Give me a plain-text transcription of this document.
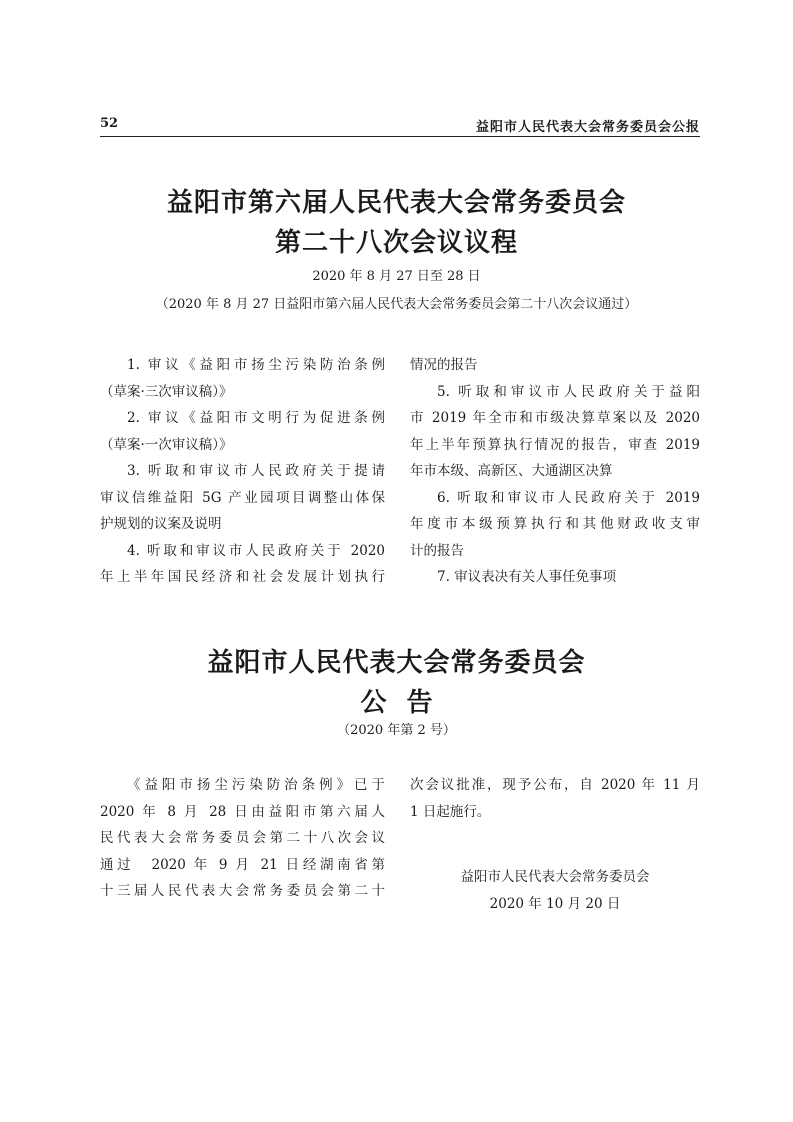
52	益阳市人民代表大会常务委员会公报
益阳市第六届人民代表大会常务委员会
第二十八次会议议程
2020 年 8 月 27 日至 28 日
（2020 年 8 月 27 日益阳市第六届人民代表大会常务委员会第二十八次会议通过）
1. 审议《益阳市扬尘污染防治条例
（草案·三次审议稿）》
2. 审议《益阳市文明行为促进条例
（草案·一次审议稿）》
3. 听取和审议市人民政府关于提请
审议信维益阳 5G 产业园项目调整山体保
护规划的议案及说明
4. 听取和审议市人民政府关于 2020
年上半年国民经济和社会发展计划执行
情况的报告
5. 听取和审议市人民政府关于益阳
市 2019 年全市和市级决算草案以及 2020
年上半年预算执行情况的报告，审查 2019
年市本级、高新区、大通湖区决算
6. 听取和审议市人民政府关于 2019
年度市本级预算执行和其他财政收支审
计的报告
7. 审议表决有关人事任免事项
益阳市人民代表大会常务委员会
公告
（2020 年第 2 号）
《益阳市扬尘污染防治条例》已于
2020 年 8 月 28 日由益阳市第六届人
民代表大会常务委员会第二十八次会议
通过　2020 年 9 月 21 日经湖南省第
十三届人民代表大会常务委员会第二十
次会议批准，现予公布，自 2020 年 11 月
1 日起施行。
益阳市人民代表大会常务委员会
2020 年 10 月 20 日
